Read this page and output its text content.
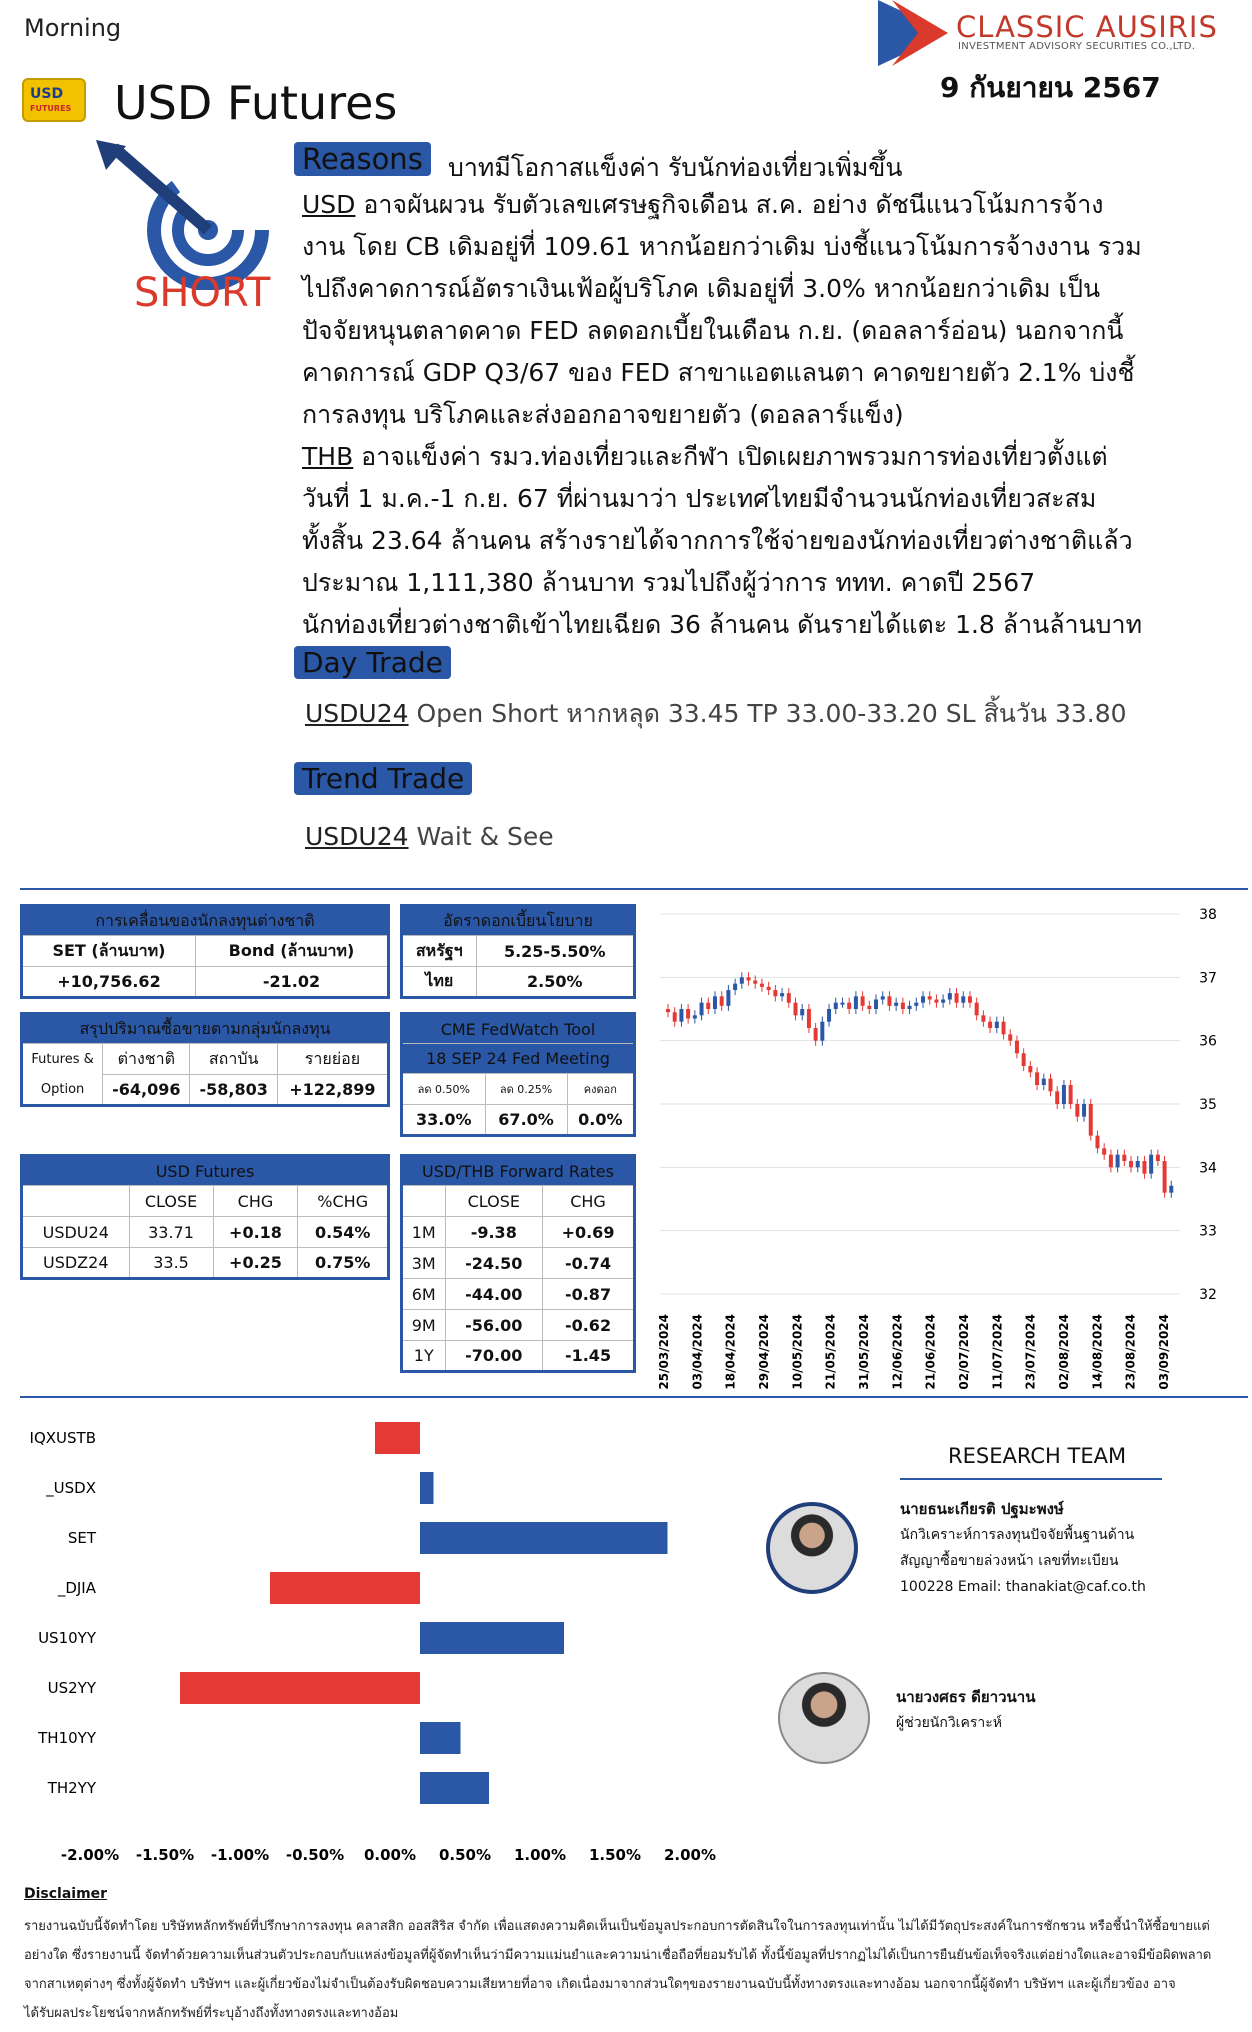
Morning
USD
FUTURES USD Futures
CLASSIC AUSIRIS
INVESTMENT ADVISORY SECURITIES CO.,LTD.
9 กันยายน 2567
SHORT
Reasons	บาทมีโอกาสแข็งค่า รับนักท่องเที่ยวเพิ่มขึ้น
USD อาจผันผวน รับตัวเลขเศรษฐกิจเดือน ส.ค. อย่าง ดัชนีแนวโน้มการจ้าง
งาน โดย CB เดิมอยู่ที่ 109.61 หากน้อยกว่าเดิม บ่งชี้แนวโน้มการจ้างงาน รวม
ไปถึงคาดการณ์อัตราเงินเฟ้อผู้บริโภค เดิมอยู่ที่ 3.0% หากน้อยกว่าเดิม เป็น
ปัจจัยหนุนตลาดคาด FED ลดดอกเบี้ยในเดือน ก.ย. (ดอลลาร์อ่อน) นอกจากนี้
คาดการณ์ GDP Q3/67 ของ FED สาขาแอตแลนตา คาดขยายตัว 2.1% บ่งชี้
การลงทุน บริโภคและส่งออกอาจขยายตัว (ดอลลาร์แข็ง)
THB อาจแข็งค่า รมว.ท่องเที่ยวและกีฬา เปิดเผยภาพรวมการท่องเที่ยวตั้งแต่
วันที่ 1 ม.ค.-1 ก.ย. 67 ที่ผ่านมาว่า ประเทศไทยมีจำนวนนักท่องเที่ยวสะสม
ทั้งสิ้น 23.64 ล้านคน สร้างรายได้จากการใช้จ่ายของนักท่องเที่ยวต่างชาติแล้ว
ประมาณ 1,111,380 ล้านบาท รวมไปถึงผู้ว่าการ ททท. คาดปี 2567
นักท่องเที่ยวต่างชาติเข้าไทยเฉียด 36 ล้านคน ดันรายได้แตะ 1.8 ล้านล้านบาท
Day Trade
USDU24 Open Short หากหลุด 33.45 TP 33.00-33.20 SL สิ้นวัน 33.80
Trend Trade
USDU24 Wait & See
การเคลื่อนของนักลงทุนต่างชาติ	
SET (ล้านบาท)	Bond (ล้านบาท)
+10,756.62	-21.02
อัตราดอกเบี้ยนโยบาย	
สหรัฐฯ	5.25-5.50%
ไทย	2.50%
สรุปปริมาณซื้อขายตามกลุ่มนักลงทุน			
Futures &	ต่างชาติ	สถาบัน	รายย่อย
Option	-64,096	-58,803	+122,899
CME FedWatch Tool		
18 SEP 24 Fed Meeting		
ลด 0.50%	ลด 0.25%	คงดอก
33.0%	67.0%	0.0%
USD Futures			
	CLOSE	CHG	%CHG
USDU24	33.71	+0.18	0.54%
USDZ24	33.5	+0.25	0.75%
USD/THB Forward Rates		
	CLOSE	CHG
1M	-9.38	+0.69
3M	-24.50	-0.74
6M	-44.00	-0.87
9M	-56.00	-0.62
1Y	-70.00	-1.45
38
37
36
35
34
33
32
25/03/2024 03/04/2024 18/04/2024 29/04/2024 10/05/2024 21/05/2024 31/05/2024 12/06/2024 21/06/2024 02/07/2024 11/07/2024 23/07/2024 02/08/2024 14/08/2024 23/08/2024 03/09/2024
IQXUSTB
_USDX
SET
_DJIA
US10YY
US2YY
TH10YY
TH2YY
-2.00% -1.50% -1.00% -0.50% 0.00% 0.50% 1.00% 1.50% 2.00%
RESEARCH TEAM
นายธนะเกียรติ ปฐมะพงษ์
นักวิเคราะห์การลงทุนปัจจัยพื้นฐานด้าน
สัญญาซื้อขายล่วงหน้า เลขที่ทะเบียน
100228 Email: thanakiat@caf.co.th
นายวงศธร ดียาวนาน
ผู้ช่วยนักวิเคราะห์
Disclaimer
รายงานฉบับนี้จัดทำโดย บริษัทหลักทรัพย์ที่ปรึกษาการลงทุน คลาสสิก ออสสิริส จำกัด เพื่อแสดงความคิดเห็นเป็นข้อมูลประกอบการตัดสินใจในการลงทุนเท่านั้น ไม่ได้มีวัตถุประสงค์ในการชักชวน หรือชี้นำให้ซื้อขายแต่
อย่างใด ซึ่งรายงานนี้ จัดทำด้วยความเห็นส่วนตัวประกอบกับแหล่งข้อมูลที่ผู้จัดทำเห็นว่ามีความแม่นยำและความน่าเชื่อถือที่ยอมรับได้ ทั้งนี้ข้อมูลที่ปรากฏไม่ได้เป็นการยืนยันข้อเท็จจริงแต่อย่างใดและอาจมีข้อผิดพลาด
จากสาเหตุต่างๆ ซึ่งทั้งผู้จัดทำ บริษัทฯ และผู้เกี่ยวข้องไม่จำเป็นต้องรับผิดชอบความเสียหายที่อาจ เกิดเนื่องมาจากส่วนใดๆของรายงานฉบับนี้ทั้งทางตรงและทางอ้อม นอกจากนี้ผู้จัดทำ บริษัทฯ และผู้เกี่ยวข้อง อาจ
ได้รับผลประโยชน์จากหลักทรัพย์ที่ระบุอ้างถึงทั้งทางตรงและทางอ้อม
